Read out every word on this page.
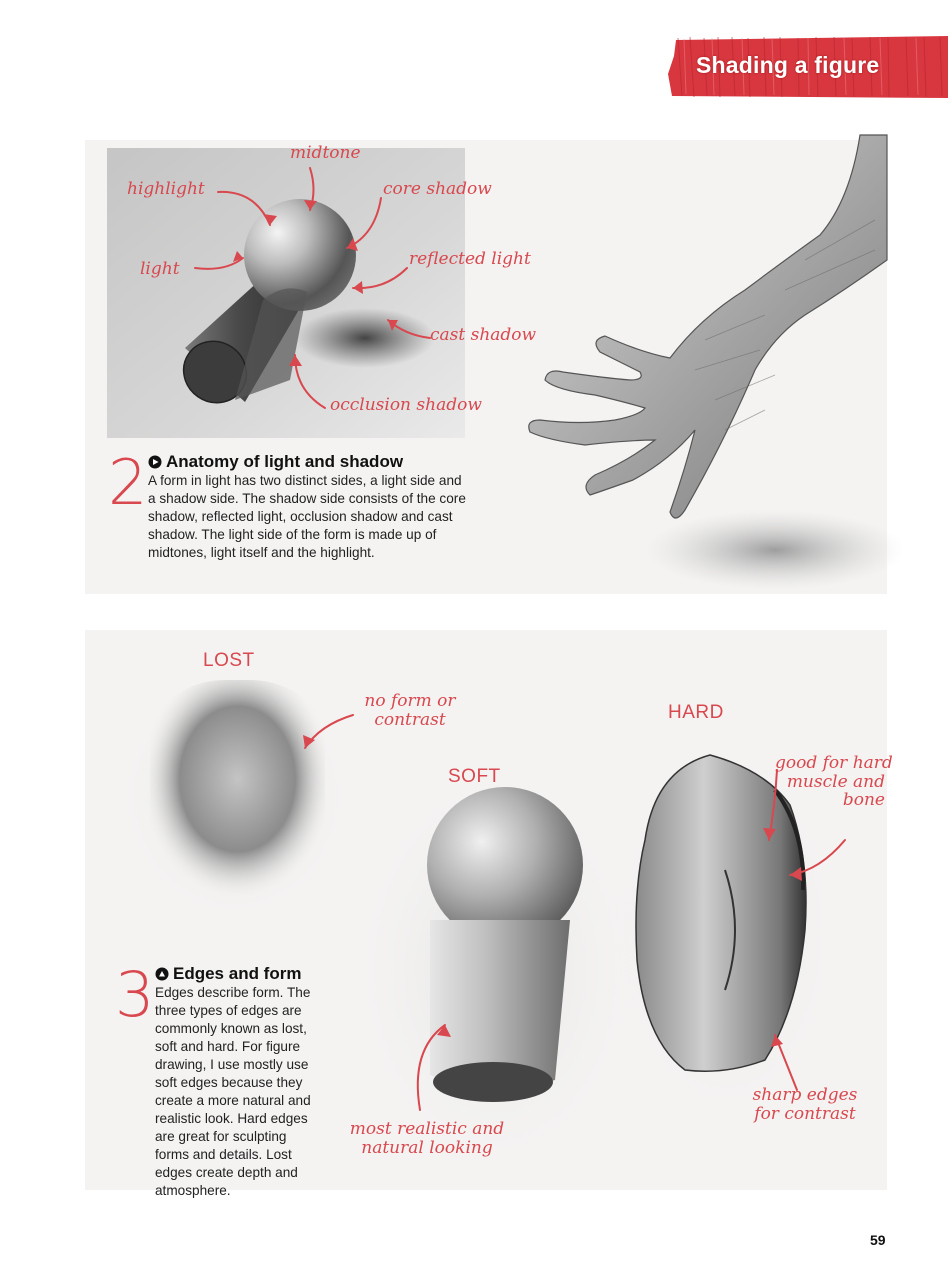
Shading a figure
midtone
highlight	core shadow
light	reflected light
cast shadow
occlusion shadow
2 Anatomy of light and shadow
A form in light has two distinct sides, a light side and a shadow side. The shadow side consists of the core shadow, reflected light, occlusion shadow and cast shadow. The light side of the form is made up of midtones, light itself and the highlight.
LOST
SOFT
HARD
no form or
contrast
good for hard
muscle and
bone
most realistic and
natural looking
sharp edges
for contrast
3 Edges and form
Edges describe form. The three types of edges are commonly known as lost, soft and hard. For figure drawing, I use mostly use soft edges because they create a more natural and realistic look. Hard edges are great for sculpting forms and details. Lost edges create depth and atmosphere.
59
